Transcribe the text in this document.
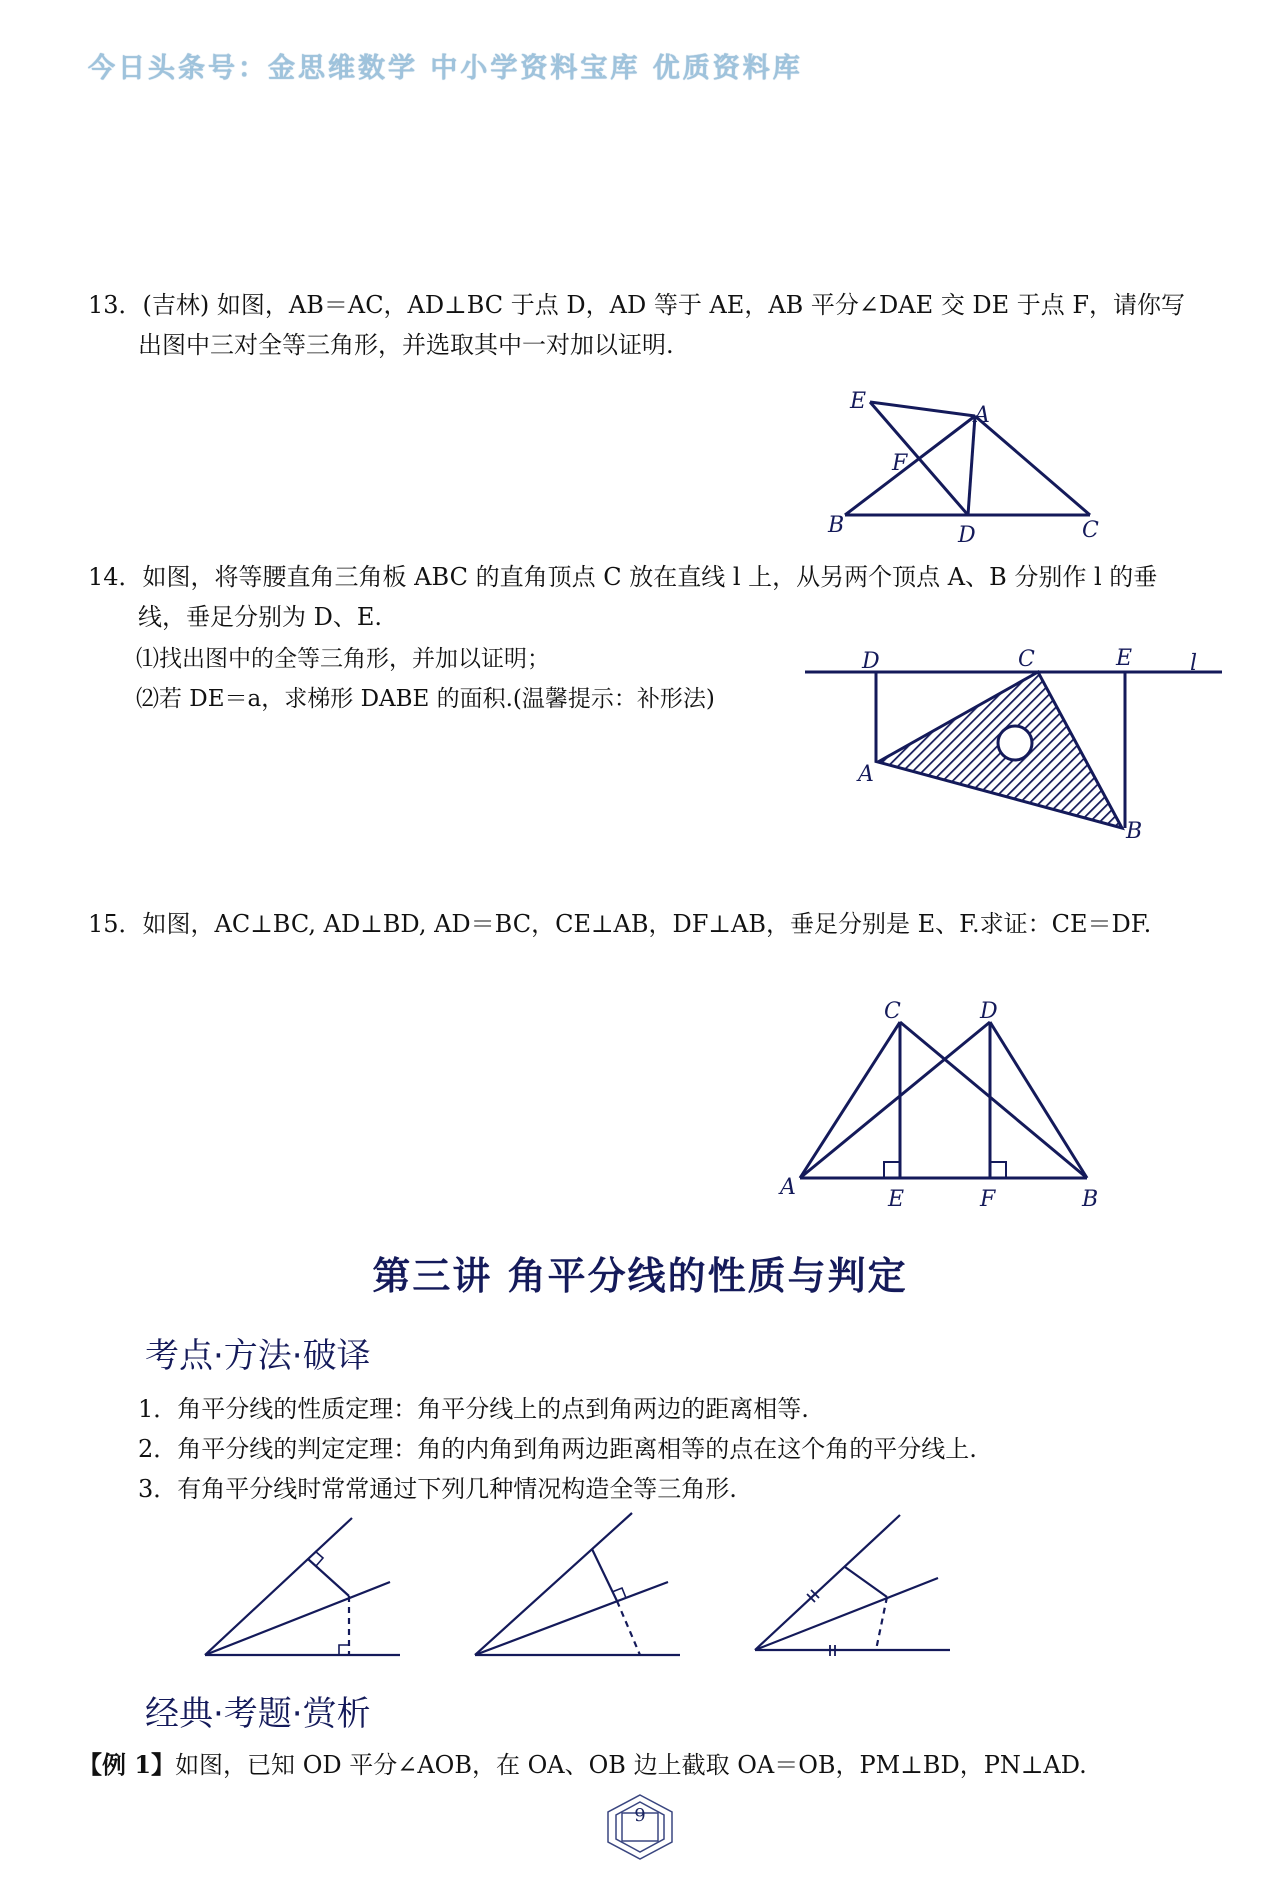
今日头条号：金思维数学 中小学资料宝库 优质资料库
13．(吉林) 如图，AB＝AC，AD⊥BC 于点 D，AD 等于 AE，AB 平分∠DAE 交 DE 于点 F，请你写
出图中三对全等三角形，并选取其中一对加以证明.
E
A
F
B	D	C
14．如图，将等腰直角三角板 ABC 的直角顶点 C 放在直线 l 上，从另两个顶点 A、B 分别作 l 的垂
线，垂足分别为 D、E.
⑴找出图中的全等三角形，并加以证明；
⑵若 DE＝a，求梯形 DABE 的面积.(温馨提示：补形法)
D	C	E	l
A
B
15．如图，AC⊥BC, AD⊥BD, AD＝BC，CE⊥AB，DF⊥AB，垂足分别是 E、F.求证：CE＝DF.
C	D
A	E	F	B
第三讲 角平分线的性质与判定
考点·方法·破译
1．角平分线的性质定理：角平分线上的点到角两边的距离相等.
2．角平分线的判定定理：角的内角到角两边距离相等的点在这个角的平分线上.
3．有角平分线时常常通过下列几种情况构造全等三角形.
经典·考题·赏析
【例 1】如图，已知 OD 平分∠AOB，在 OA、OB 边上截取 OA＝OB，PM⊥BD，PN⊥AD.
9
